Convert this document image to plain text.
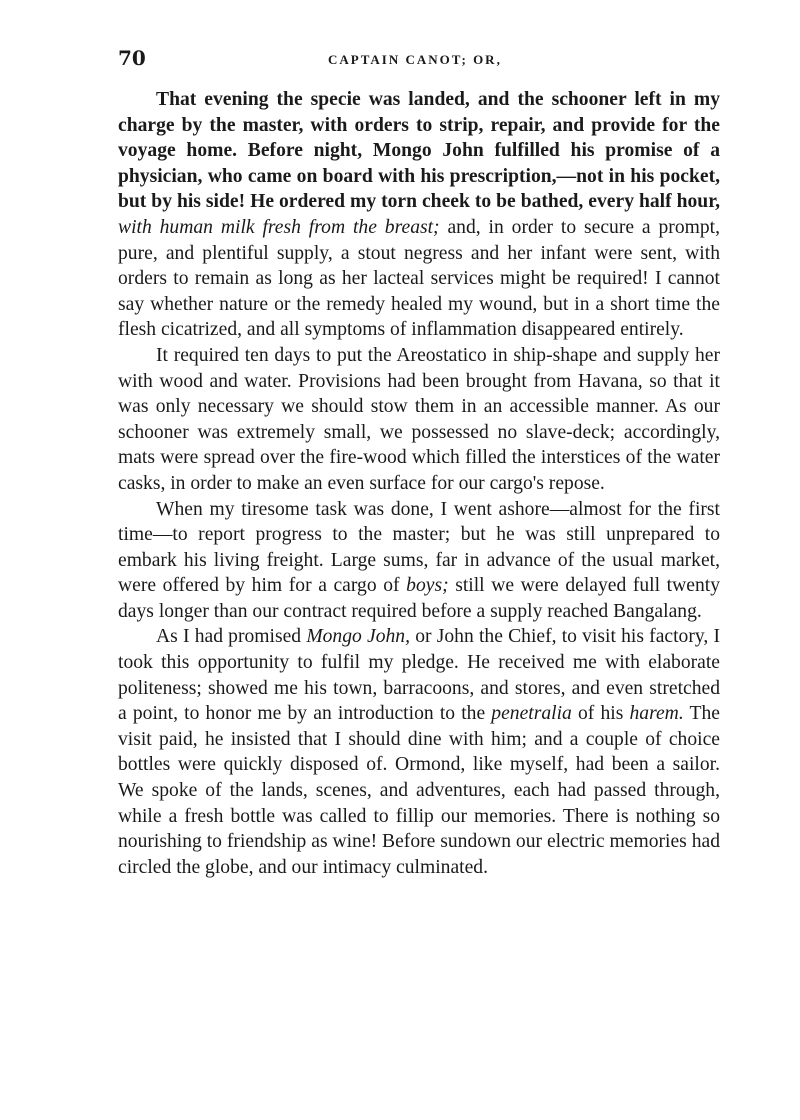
70	CAPTAIN CANOT; OR,

That evening the specie was landed, and the schooner left in my charge by the master, with orders to strip, repair, and provide for the voyage home. Before night, Mongo John fulfilled his promise of a physician, who came on board with his prescription,—not in his pocket, but by his side! He ordered my torn cheek to be bathed, every half hour, with human milk fresh from the breast; and, in order to secure a prompt, pure, and plentiful supply, a stout negress and her infant were sent, with orders to remain as long as her lacteal services might be required! I cannot say whether nature or the remedy healed my wound, but in a short time the flesh cicatrized, and all symptoms of inflammation disappeared entirely.

It required ten days to put the Areostatico in ship-shape and supply her with wood and water. Provisions had been brought from Havana, so that it was only necessary we should stow them in an accessible manner. As our schooner was extremely small, we possessed no slave-deck; accordingly, mats were spread over the fire-wood which filled the interstices of the water casks, in order to make an even surface for our cargo's repose.

When my tiresome task was done, I went ashore—almost for the first time—to report progress to the master; but he was still unprepared to embark his living freight. Large sums, far in advance of the usual market, were offered by him for a cargo of boys; still we were delayed full twenty days longer than our contract required before a supply reached Bangalang.

As I had promised Mongo John, or John the Chief, to visit his factory, I took this opportunity to fulfil my pledge. He received me with elaborate politeness; showed me his town, barracoons, and stores, and even stretched a point, to honor me by an introduction to the penetralia of his harem. The visit paid, he insisted that I should dine with him; and a couple of choice bottles were quickly disposed of. Ormond, like myself, had been a sailor. We spoke of the lands, scenes, and adventures, each had passed through, while a fresh bottle was called to fillip our memories. There is nothing so nourishing to friendship as wine! Before sundown our electric memories had circled the globe, and our intimacy culminated.
